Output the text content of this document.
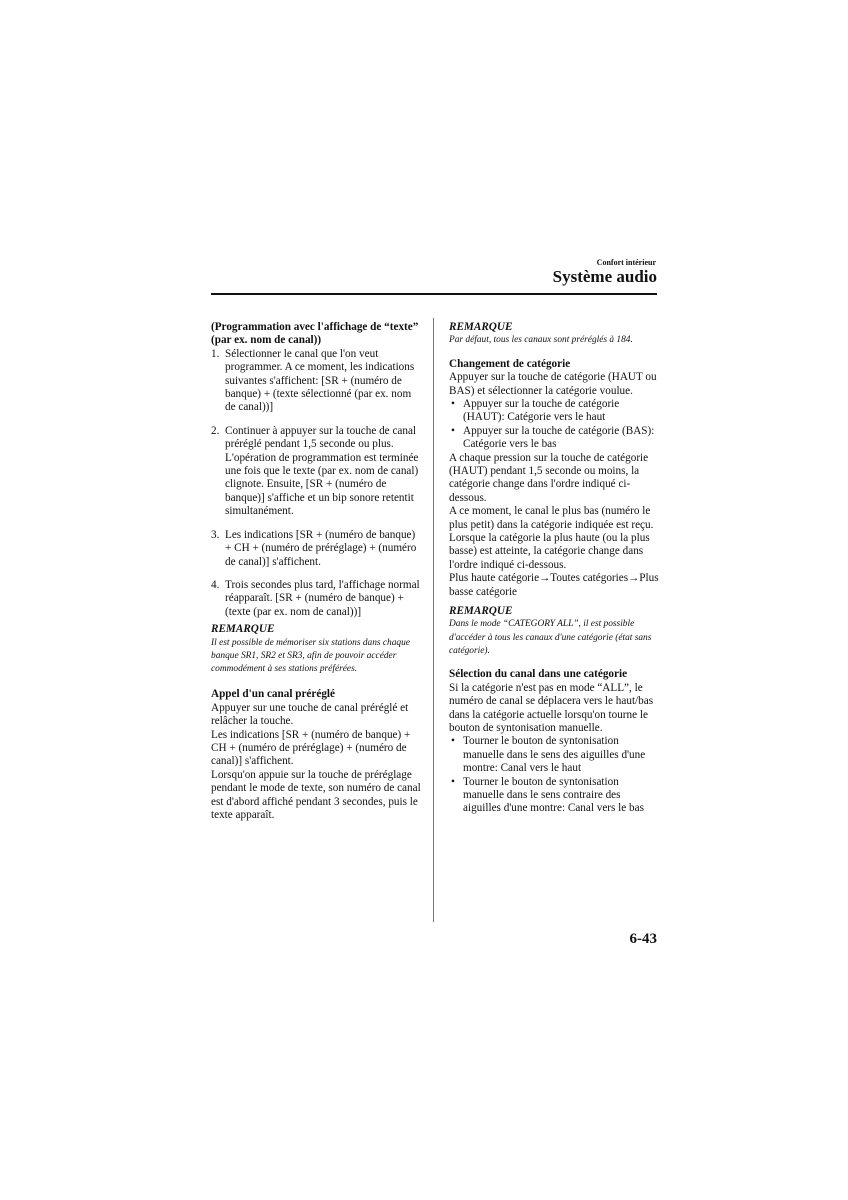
Confort intérieur
Système audio

(Programmation avec l'affichage de “texte” (par ex. nom de canal))

1. Sélectionner le canal que l'on veut programmer. A ce moment, les indications suivantes s'affichent: [SR + (numéro de banque) + (texte sélectionné (par ex. nom de canal))]
2. Continuer à appuyer sur la touche de canal préréglé pendant 1,5 seconde ou plus.
L'opération de programmation est terminée une fois que le texte (par ex. nom de canal) clignote. Ensuite, [SR + (numéro de banque)] s'affiche et un bip sonore retentit simultanément.
3. Les indications [SR + (numéro de banque) + CH + (numéro de préréglage) + (numéro de canal)] s'affichent.
4. Trois secondes plus tard, l'affichage normal réapparaît. [SR + (numéro de banque) + (texte (par ex. nom de canal))]

REMARQUE

Il est possible de mémoriser six stations dans chaque banque SR1, SR2 et SR3, afin de pouvoir accéder commodément à ses stations préférées.

Appel d'un canal préréglé

Appuyer sur une touche de canal préréglé et relâcher la touche.

Les indications [SR + (numéro de banque) + CH + (numéro de préréglage) + (numéro de canal)] s'affichent.

Lorsqu'on appuie sur la touche de préréglage pendant le mode de texte, son numéro de canal est d'abord affiché pendant 3 secondes, puis le texte apparaît.

REMARQUE

Par défaut, tous les canaux sont préréglés à 184.

Changement de catégorie

Appuyer sur la touche de catégorie (HAUT ou BAS) et sélectionner la catégorie voulue.

• Appuyer sur la touche de catégorie (HAUT): Catégorie vers le haut
• Appuyer sur la touche de catégorie (BAS): Catégorie vers le bas

A chaque pression sur la touche de catégorie (HAUT) pendant 1,5 seconde ou moins, la catégorie change dans l'ordre indiqué ci-dessous.

A ce moment, le canal le plus bas (numéro le plus petit) dans la catégorie indiquée est reçu.

Lorsque la catégorie la plus haute (ou la plus basse) est atteinte, la catégorie change dans l'ordre indiqué ci-dessous.

Plus haute catégorie→Toutes catégories→Plus basse catégorie

REMARQUE

Dans le mode “CATEGORY ALL”, il est possible d'accéder à tous les canaux d'une catégorie (état sans catégorie).

Sélection du canal dans une catégorie

Si la catégorie n'est pas en mode “ALL”, le numéro de canal se déplacera vers le haut/bas dans la catégorie actuelle lorsqu'on tourne le bouton de syntonisation manuelle.

• Tourner le bouton de syntonisation manuelle dans le sens des aiguilles d'une montre: Canal vers le haut
• Tourner le bouton de syntonisation manuelle dans le sens contraire des aiguilles d'une montre: Canal vers le bas
6-43
